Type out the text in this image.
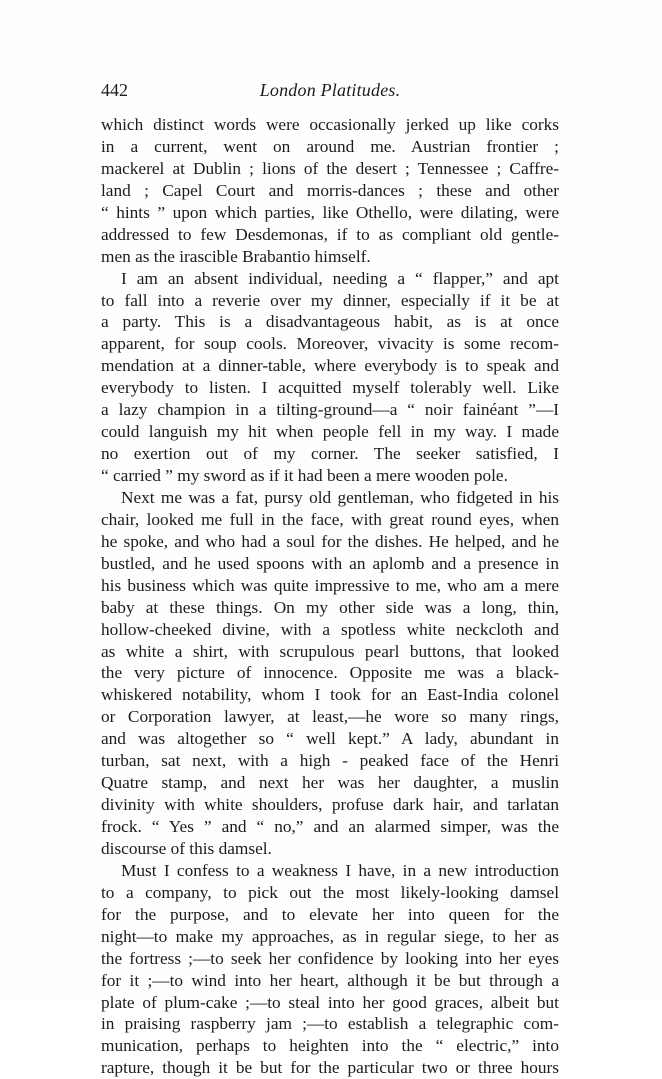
442	London Platitudes.
which distinct words were occasionally jerked up like corks
in a current, went on around me. Austrian frontier ;
mackerel at Dublin ; lions of the desert ; Tennessee ; Caffre-
land ; Capel Court and morris-dances ; these and other
“ hints ” upon which parties, like Othello, were dilating, were
addressed to few Desdemonas, if to as compliant old gentle-
men as the irascible Brabantio himself.
I am an absent individual, needing a “ flapper,” and apt
to fall into a reverie over my dinner, especially if it be at
a party. This is a disadvantageous habit, as is at once
apparent, for soup cools. Moreover, vivacity is some recom-
mendation at a dinner-table, where everybody is to speak and
everybody to listen. I acquitted myself tolerably well. Like
a lazy champion in a tilting-ground—a “ noir fainéant ”—I
could languish my hit when people fell in my way. I made
no exertion out of my corner. The seeker satisfied, I
“ carried ” my sword as if it had been a mere wooden pole.
Next me was a fat, pursy old gentleman, who fidgeted in his
chair, looked me full in the face, with great round eyes, when
he spoke, and who had a soul for the dishes. He helped, and he
bustled, and he used spoons with an aplomb and a presence in
his business which was quite impressive to me, who am a mere
baby at these things. On my other side was a long, thin,
hollow-cheeked divine, with a spotless white neckcloth and
as white a shirt, with scrupulous pearl buttons, that looked
the very picture of innocence. Opposite me was a black-
whiskered notability, whom I took for an East-India colonel
or Corporation lawyer, at least,—he wore so many rings,
and was altogether so “ well kept.” A lady, abundant in
turban, sat next, with a high - peaked face of the Henri
Quatre stamp, and next her was her daughter, a muslin
divinity with white shoulders, profuse dark hair, and tarlatan
frock. “ Yes ” and “ no,” and an alarmed simper, was the
discourse of this damsel.
Must I confess to a weakness I have, in a new introduction
to a company, to pick out the most likely-looking damsel
for the purpose, and to elevate her into queen for the
night—to make my approaches, as in regular siege, to her as
the fortress ;—to seek her confidence by looking into her eyes
for it ;—to wind into her heart, although it be but through a
plate of plum-cake ;—to steal into her good graces, albeit but
in praising raspberry jam ;—to establish a telegraphic com-
munication, perhaps to heighten into the “ electric,” into
rapture, though it be but for the particular two or three hours
